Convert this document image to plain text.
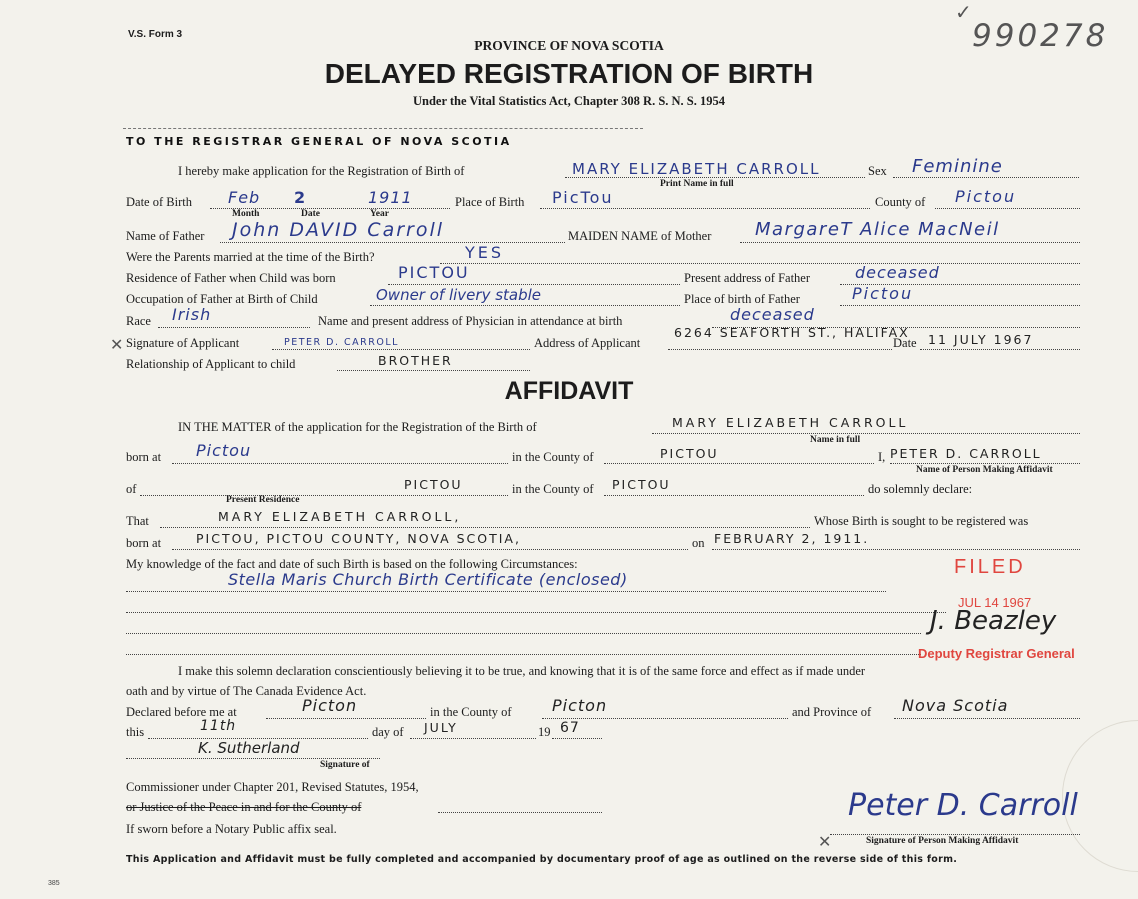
V.S. Form 3	990278
✓
PROVINCE OF NOVA SCOTIA
DELAYED REGISTRATION OF BIRTH
Under the Vital Statistics Act, Chapter 308 R. S. N. S. 1954
TO THE REGISTRAR GENERAL OF NOVA SCOTIA
I hereby make application for the Registration of Birth of	MARY ELIZABETH CARROLL
Print Name in full
Sex Feminine
Date of Birth Feb 2	1911
Month	Date	Year
Place of Birth PicTou	County of Pictou
Name of Father John DAVID Carroll	MAIDEN NAME of Mother MargareT Alice MacNeil
Were the Parents married at the time of the Birth?	YES
Residence of Father when Child was born	PICTOU	Present address of Father	deceased
Occupation of Father at Birth of Child	Owner of livery stable	Place of birth of Father	Pictou
Race Irish	Name and present address of Physician in attendance at birth	deceased
✕ Signature of Applicant	PETER D. CARROLL	Address of Applicant
6264 SEAFORTH ST., HALIFAX
Date 11 JULY 1967
Relationship of Applicant to child	BROTHER
AFFIDAVIT
IN THE MATTER of the application for the Registration of the Birth of	MARY ELIZABETH CARROLL
Name in full
born at Pictou	in the County of	PICTOU	I, PETER D. CARROLL
Name of Person Making Affidavit
of	PICTOU
Present Residence
in the County of PICTOU	do solemnly declare:
That	MARY ELIZABETH CARROLL,	Whose Birth is sought to be registered was
born at	PICTOU, PICTOU COUNTY, NOVA SCOTIA,	on FEBRUARY 2, 1911.
My knowledge of the fact and date of such Birth is based on the following Circumstances:
Stella Maris Church Birth Certificate (enclosed)
FILED
JUL 14 1967
Deputy Registrar General
J. Beazley
I make this solemn declaration conscientiously believing it to be true, and knowing that it is of the same force and effect as if made under
oath and by virtue of The Canada Evidence Act.
Declared before me at	Picton	in the County of	Picton	and Province of Nova Scotia
this	11th	day of JULY	19 67
K. Sutherland
Signature of
Commissioner under Chapter 201, Revised Statutes, 1954,
or Justice of the Peace in and for the County of
If sworn before a Notary Public affix seal.
✕
Peter D. Carroll
Signature of Person Making Affidavit
This Application and Affidavit must be fully completed and accompanied by documentary proof of age as outlined on the reverse side of this form.
385
